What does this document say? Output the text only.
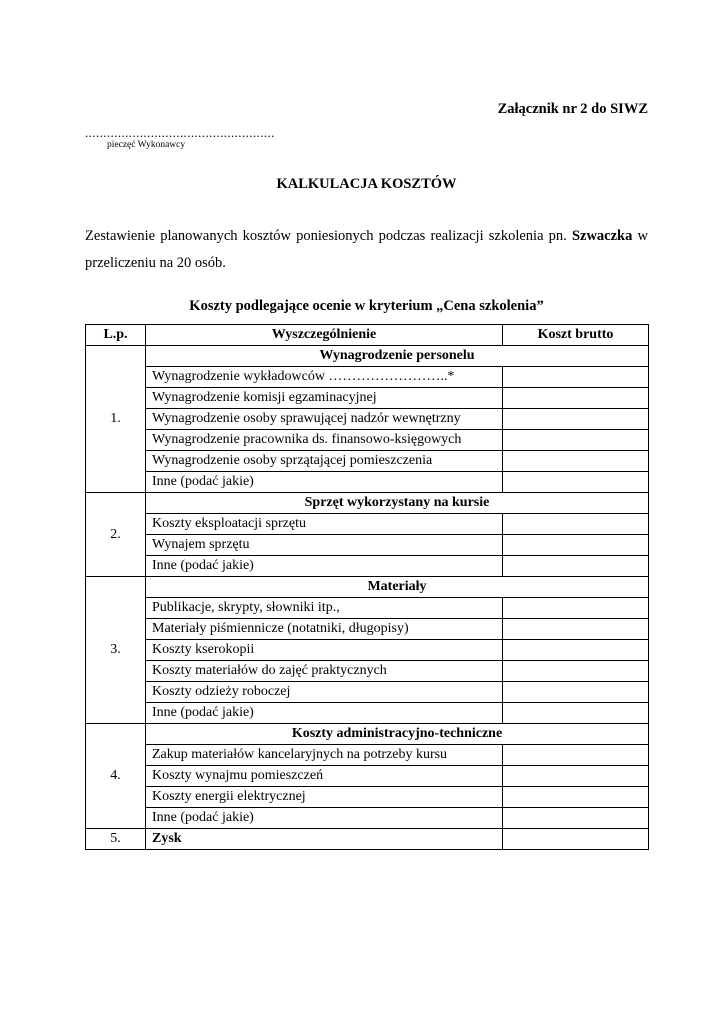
Załącznik nr 2 do SIWZ
....................................................
pieczęć Wykonawcy
KALKULACJA KOSZTÓW

Zestawienie planowanych kosztów poniesionych podczas realizacji szkolenia pn. Szwaczka w przeliczeniu na 20 osób.

Koszty podlegające ocenie w kryterium „Cena szkolenia”
L.p.	Wyszczególnienie	Koszt brutto
1.	Wynagrodzenie personelu	
	Wynagrodzenie wykładowców ……………………..*	
	Wynagrodzenie komisji egzaminacyjnej	
	Wynagrodzenie osoby sprawującej nadzór wewnętrzny	
	Wynagrodzenie pracownika ds. finansowo-księgowych	
	Wynagrodzenie osoby sprzątającej pomieszczenia	
	Inne (podać jakie)	
2.	Sprzęt wykorzystany na kursie	
	Koszty eksploatacji sprzętu	
	Wynajem sprzętu	
	Inne (podać jakie)	
3.	Materiały	
	Publikacje, skrypty, słowniki itp.,	
	Materiały piśmiennicze (notatniki, długopisy)	
	Koszty kserokopii	
	Koszty materiałów do zajęć praktycznych	
	Koszty odzieży roboczej	
	Inne (podać jakie)	
4.	Koszty administracyjno-techniczne	
	Zakup materiałów kancelaryjnych na potrzeby kursu	
	Koszty wynajmu pomieszczeń	
	Koszty energii elektrycznej	
	Inne (podać jakie)	
5.	Zysk	
